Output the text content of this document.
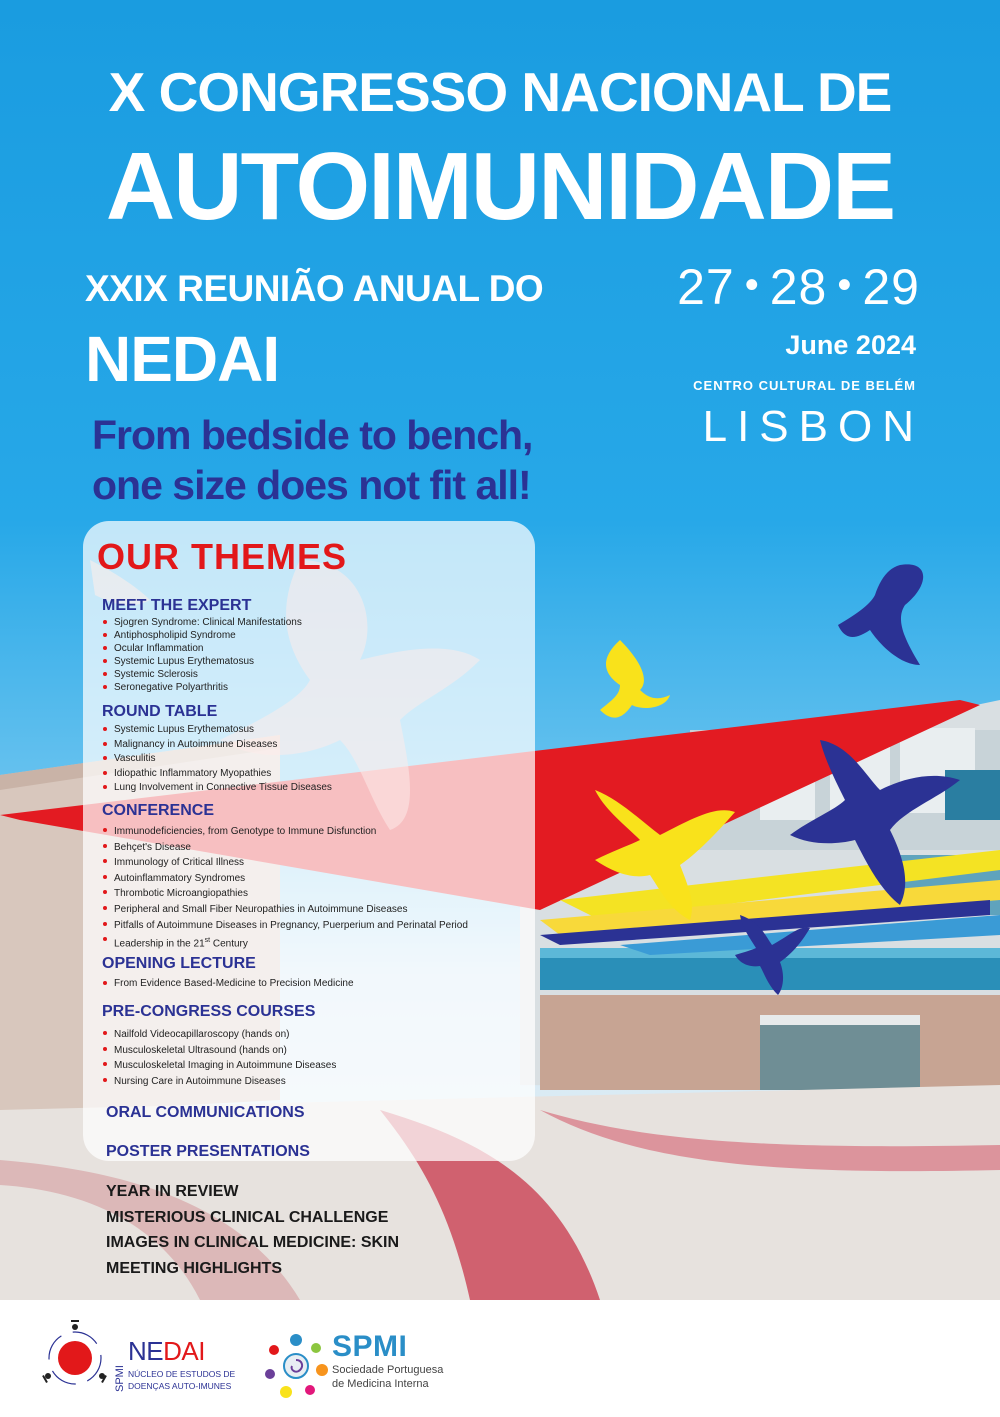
X CONGRESSO NACIONAL DE
AUTOIMUNIDADE
XXIX REUNIÃO ANUAL DO
NEDAI
From bedside to bench,
one size does not fit all!
27 • 28 • 29
June 2024
CENTRO CULTURAL DE BELÉM
LISBON
OUR THEMES
MEET THE EXPERT
Sjogren Syndrome: Clinical Manifestations
Antiphospholipid Syndrome
Ocular Inflammation
Systemic Lupus Erythematosus
Systemic Sclerosis
Seronegative Polyarthritis
ROUND TABLE
Systemic Lupus Erythematosus
Malignancy in Autoimmune Diseases
Vasculitis
Idiopathic Inflammatory Myopathies
Lung Involvement in Connective Tissue Diseases
CONFERENCE
Immunodeficiencies, from Genotype to Immune Disfunction
Behçet's Disease
Immunology of Critical Illness
Autoinflammatory Syndromes
Thrombotic Microangiopathies
Peripheral and Small Fiber Neuropathies in Autoimmune Diseases
Pitfalls of Autoimmune Diseases in Pregnancy, Puerperium and Perinatal Period
Leadership in the 21st Century
OPENING LECTURE
From Evidence Based-Medicine to Precision Medicine
PRE-CONGRESS COURSES
Nailfold Videocapillaroscopy (hands on)
Musculoskeletal Ultrasound (hands on)
Musculoskeletal Imaging in Autoimmune Diseases
Nursing Care in Autoimmune Diseases
ORAL COMMUNICATIONS
POSTER PRESENTATIONS
YEAR IN REVIEW
MISTERIOUS CLINICAL CHALLENGE
IMAGES IN CLINICAL MEDICINE: SKIN
MEETING HIGHLIGHTS
SPMI
NEDAI
NÚCLEO DE ESTUDOS DE
DOENÇAS AUTO-IMUNES
SPMI
Sociedade Portuguesa
de Medicina Interna
